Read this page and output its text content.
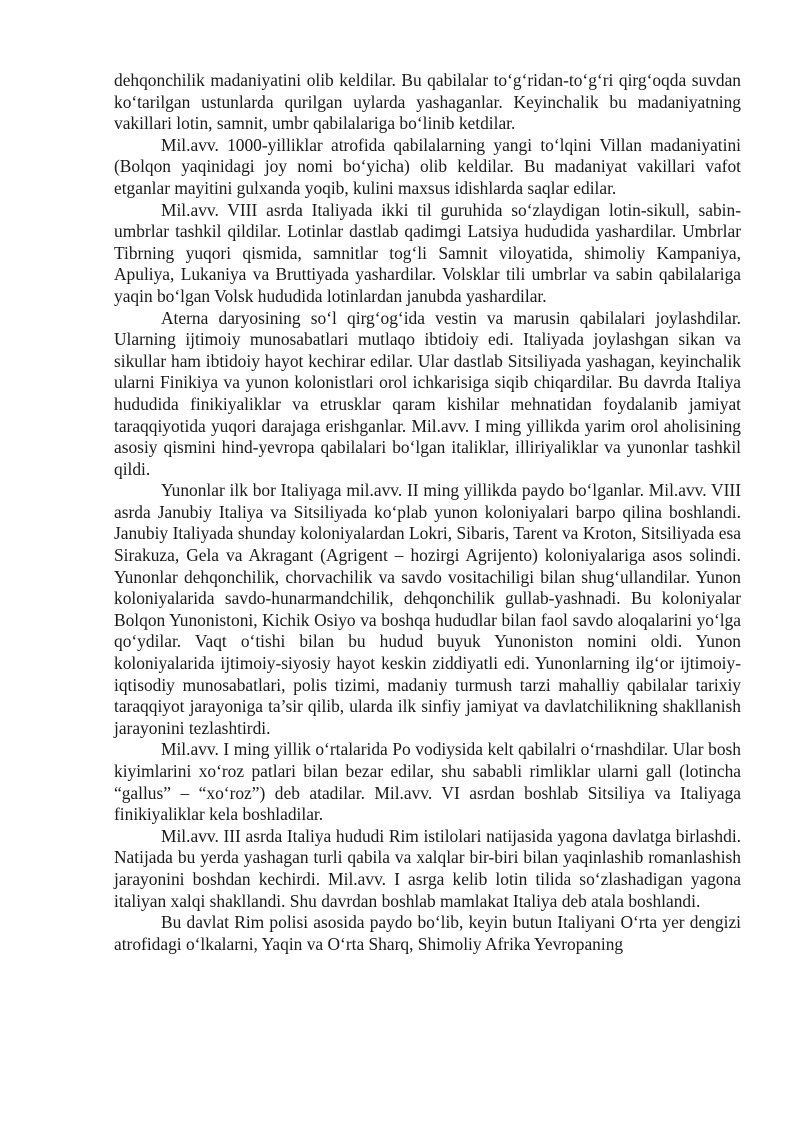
dehqonchilik madaniyatini olib keldilar. Bu qabilalar to‘g‘ridan-to‘g‘ri qirg‘oqda suvdan ko‘tarilgan ustunlarda qurilgan uylarda yashaganlar. Keyinchalik bu madaniyatning vakillari lotin, samnit, umbr qabilalariga bo‘linib ketdilar.

Mil.avv. 1000-yilliklar atrofida qabilalarning yangi to‘lqini Villan madaniyatini (Bolqon yaqinidagi joy nomi bo‘yicha) olib keldilar. Bu madaniyat vakillari vafot etganlar mayitini gulxanda yoqib, kulini maxsus idishlarda saqlar edilar.

Mil.avv. VIII asrda Italiyada ikki til guruhida so‘zlaydigan lotin-sikull, sabin-umbrlar tashkil qildilar. Lotinlar dastlab qadimgi Latsiya hududida yashardilar. Umbrlar Tibrning yuqori qismida, samnitlar tog‘li Samnit viloyatida, shimoliy Kampaniya, Apuliya, Lukaniya va Bruttiyada yashardilar. Volsklar tili umbrlar va sabin qabilalariga yaqin bo‘lgan Volsk hududida lotinlardan janubda yashardilar.

Aterna daryosining so‘l qirg‘og‘ida vestin va marusin qabilalari joylashdilar. Ularning ijtimoiy munosabatlari mutlaqo ibtidoiy edi. Italiyada joylashgan sikan va sikullar ham ibtidoiy hayot kechirar edilar. Ular dastlab Sitsiliyada yashagan, keyinchalik ularni Finikiya va yunon kolonistlari orol ichkarisiga siqib chiqardilar. Bu davrda Italiya hududida finikiyaliklar va etrusklar qaram kishilar mehnatidan foydalanib jamiyat taraqqiyotida yuqori darajaga erishganlar. Mil.avv. I ming yillikda yarim orol aholisining asosiy qismini hind-yevropa qabilalari bo‘lgan italiklar, illiriyaliklar va yunonlar tashkil qildi.

Yunonlar ilk bor Italiyaga mil.avv. II ming yillikda paydo bo‘lganlar. Mil.avv. VIII asrda Janubiy Italiya va Sitsiliyada ko‘plab yunon koloniyalari barpo qilina boshlandi. Janubiy Italiyada shunday koloniyalardan Lokri, Sibaris, Tarent va Kroton, Sitsiliyada esa Sirakuza, Gela va Akragant (Agrigent – hozirgi Agrijento) koloniyalariga asos solindi. Yunonlar dehqonchilik, chorvachilik va savdo vositachiligi bilan shug‘ullandilar. Yunon koloniyalarida savdo-hunarmandchilik, dehqonchilik gullab-yashnadi. Bu koloniyalar Bolqon Yunonistoni, Kichik Osiyo va boshqa hududlar bilan faol savdo aloqalarini yo‘lga qo‘ydilar. Vaqt o‘tishi bilan bu hudud buyuk Yunoniston nomini oldi. Yunon koloniyalarida ijtimoiy-siyosiy hayot keskin ziddiyatli edi. Yunonlarning ilg‘or ijtimoiy-iqtisodiy munosabatlari, polis tizimi, madaniy turmush tarzi mahalliy qabilalar tarixiy taraqqiyot jarayoniga ta’sir qilib, ularda ilk sinfiy jamiyat va davlatchilikning shakllanish jarayonini tezlashtirdi.

Mil.avv. I ming yillik o‘rtalarida Po vodiysida kelt qabilalri o‘rnashdilar. Ular bosh kiyimlarini xo‘roz patlari bilan bezar edilar, shu sababli rimliklar ularni gall (lotincha “gallus” – “xo‘roz”) deb atadilar. Mil.avv. VI asrdan boshlab Sitsiliya va Italiyaga finikiyaliklar kela boshladilar.

Mil.avv. III asrda Italiya hududi Rim istilolari natijasida yagona davlatga birlashdi. Natijada bu yerda yashagan turli qabila va xalqlar bir-biri bilan yaqinlashib romanlashish jarayonini boshdan kechirdi. Mil.avv. I asrga kelib lotin tilida so‘zlashadigan yagona italiyan xalqi shakllandi. Shu davrdan boshlab mamlakat Italiya deb atala boshlandi.

Bu davlat Rim polisi asosida paydo bo‘lib, keyin butun Italiyani O‘rta yer dengizi atrofidagi o‘lkalarni, Yaqin va O‘rta Sharq, Shimoliy Afrika Yevropaning
